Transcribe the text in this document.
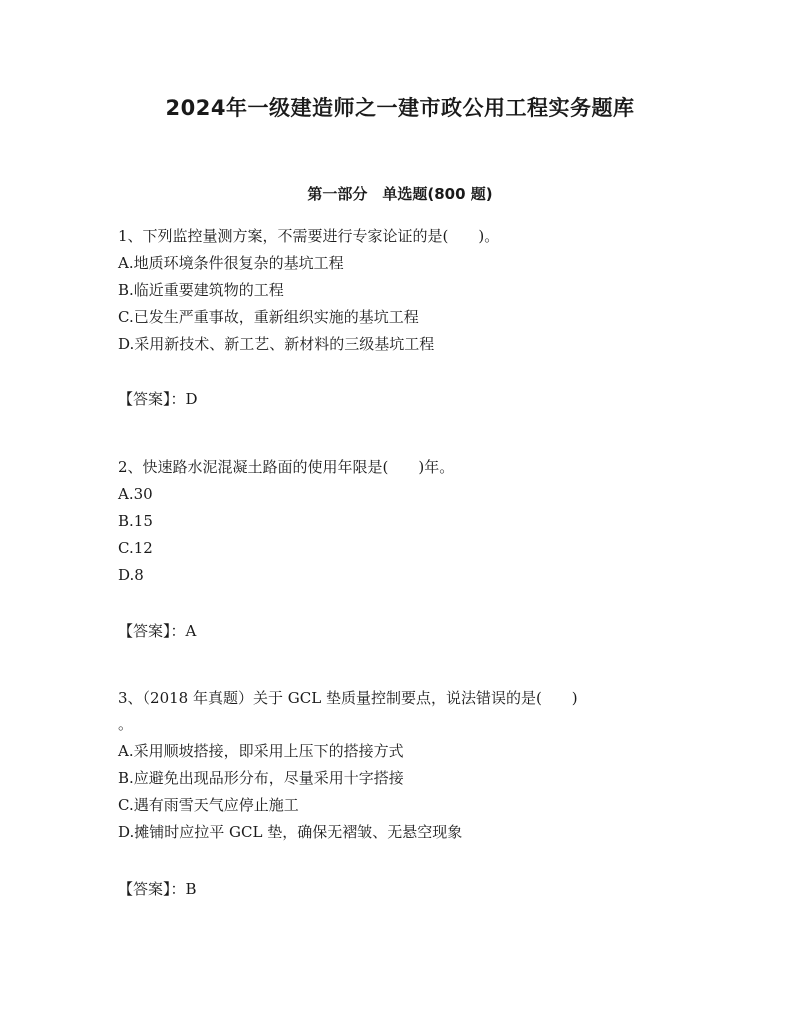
2024年一级建造师之一建市政公用工程实务题库
第一部分　单选题(800 题)
1、下列监控量测方案，不需要进行专家论证的是(　　)。
A.地质环境条件很复杂的基坑工程
B.临近重要建筑物的工程
C.已发生严重事故，重新组织实施的基坑工程
D.采用新技术、新工艺、新材料的三级基坑工程
【答案】：D
2、快速路水泥混凝土路面的使用年限是(　　)年。
A.30
B.15
C.12
D.8
【答案】：A
3、（2018 年真题）关于 GCL 垫质量控制要点，说法错误的是(　　)
。
A.采用顺坡搭接，即采用上压下的搭接方式
B.应避免出现品形分布，尽量采用十字搭接
C.遇有雨雪天气应停止施工
D.摊铺时应拉平 GCL 垫，确保无褶皱、无悬空现象
【答案】：B
